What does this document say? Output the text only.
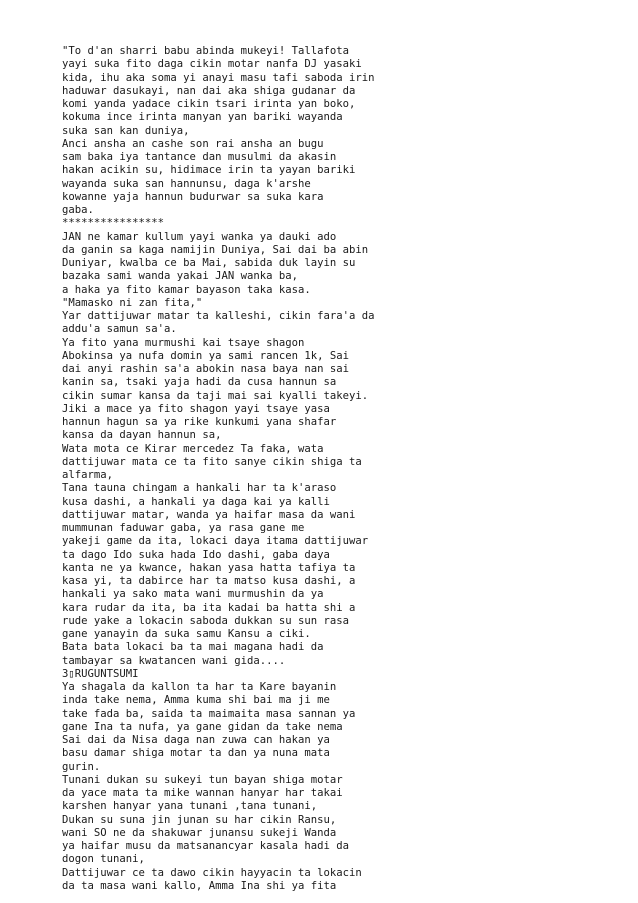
"To d'an sharri babu abinda mukeyi! Tallafota
yayi suka fito daga cikin motar nanfa DJ yasaki
kida, ihu aka soma yi anayi masu tafi saboda irin
haduwar dasukayi, nan dai aka shiga gudanar da
komi yanda yadace cikin tsari irinta yan boko,
kokuma ince irinta manyan yan bariki wayanda
suka san kan duniya,
Anci ansha an cashe son rai ansha an bugu
sam baka iya tantance dan musulmi da akasin
hakan acikin su, hidimace irin ta yayan bariki
wayanda suka san hannunsu, daga k'arshe
kowanne yaja hannun budurwar sa suka kara
gaba.
****************
JAN ne kamar kullum yayi wanka ya dauki ado
da ganin sa kaga namijin Duniya, Sai dai ba abin
Duniyar, kwalba ce ba Mai, sabida duk layin su
bazaka sami wanda yakai JAN wanka ba,
a haka ya fito kamar bayason taka kasa.
"Mamasko ni zan fita,"
Yar dattijuwar matar ta kalleshi, cikin fara'a da
addu'a samun sa'a.
Ya fito yana murmushi kai tsaye shagon
Abokinsa ya nufa domin ya sami rancen 1k, Sai
dai anyi rashin sa'a abokin nasa baya nan sai
kanin sa, tsaki yaja hadi da cusa hannun sa
cikin sumar kansa da taji mai sai kyalli takeyi.
Jiki a mace ya fito shagon yayi tsaye yasa
hannun hagun sa ya rike kunkumi yana shafar
kansa da dayan hannun sa,
Wata mota ce Kirar mercedez Ta faka, wata
dattijuwar mata ce ta fito sanye cikin shiga ta
alfarma,
Tana tauna chingam a hankali har ta k'araso
kusa dashi, a hankali ya daga kai ya kalli
dattijuwar matar, wanda ya haifar masa da wani
mummunan faduwar gaba, ya rasa gane me
yakeji game da ita, lokaci daya itama dattijuwar
ta dago Ido suka hada Ido dashi, gaba daya
kanta ne ya kwance, hakan yasa hatta tafiya ta
kasa yi, ta dabirce har ta matso kusa dashi, a
hankali ya sako mata wani murmushin da ya
kara rudar da ita, ba ita kadai ba hatta shi a
rude yake a lokacin saboda dukkan su sun rasa
gane yanayin da suka samu Kansu a ciki.
Bata bata lokaci ba ta mai magana hadi da
tambayar sa kwatancen wani gida....
3▯RUGUNTSUMI
Ya shagala da kallon ta har ta Kare bayanin
inda take nema, Amma kuma shi bai ma ji me
take fada ba, saida ta maimaita masa sannan ya
gane Ina ta nufa, ya gane gidan da take nema
Sai dai da Nisa daga nan zuwa can hakan ya
basu damar shiga motar ta dan ya nuna mata
gurin.
Tunani dukan su sukeyi tun bayan shiga motar
da yace mata ta mike wannan hanyar har takai
karshen hanyar yana tunani ,tana tunani,
Dukan su suna jin junan su har cikin Ransu,
wani SO ne da shakuwar junansu sukeji Wanda
ya haifar musu da matsanancyar kasala hadi da
dogon tunani,
Dattijuwar ce ta dawo cikin hayyacin ta lokacin
da ta masa wani kallo, Amma Ina shi ya fita
